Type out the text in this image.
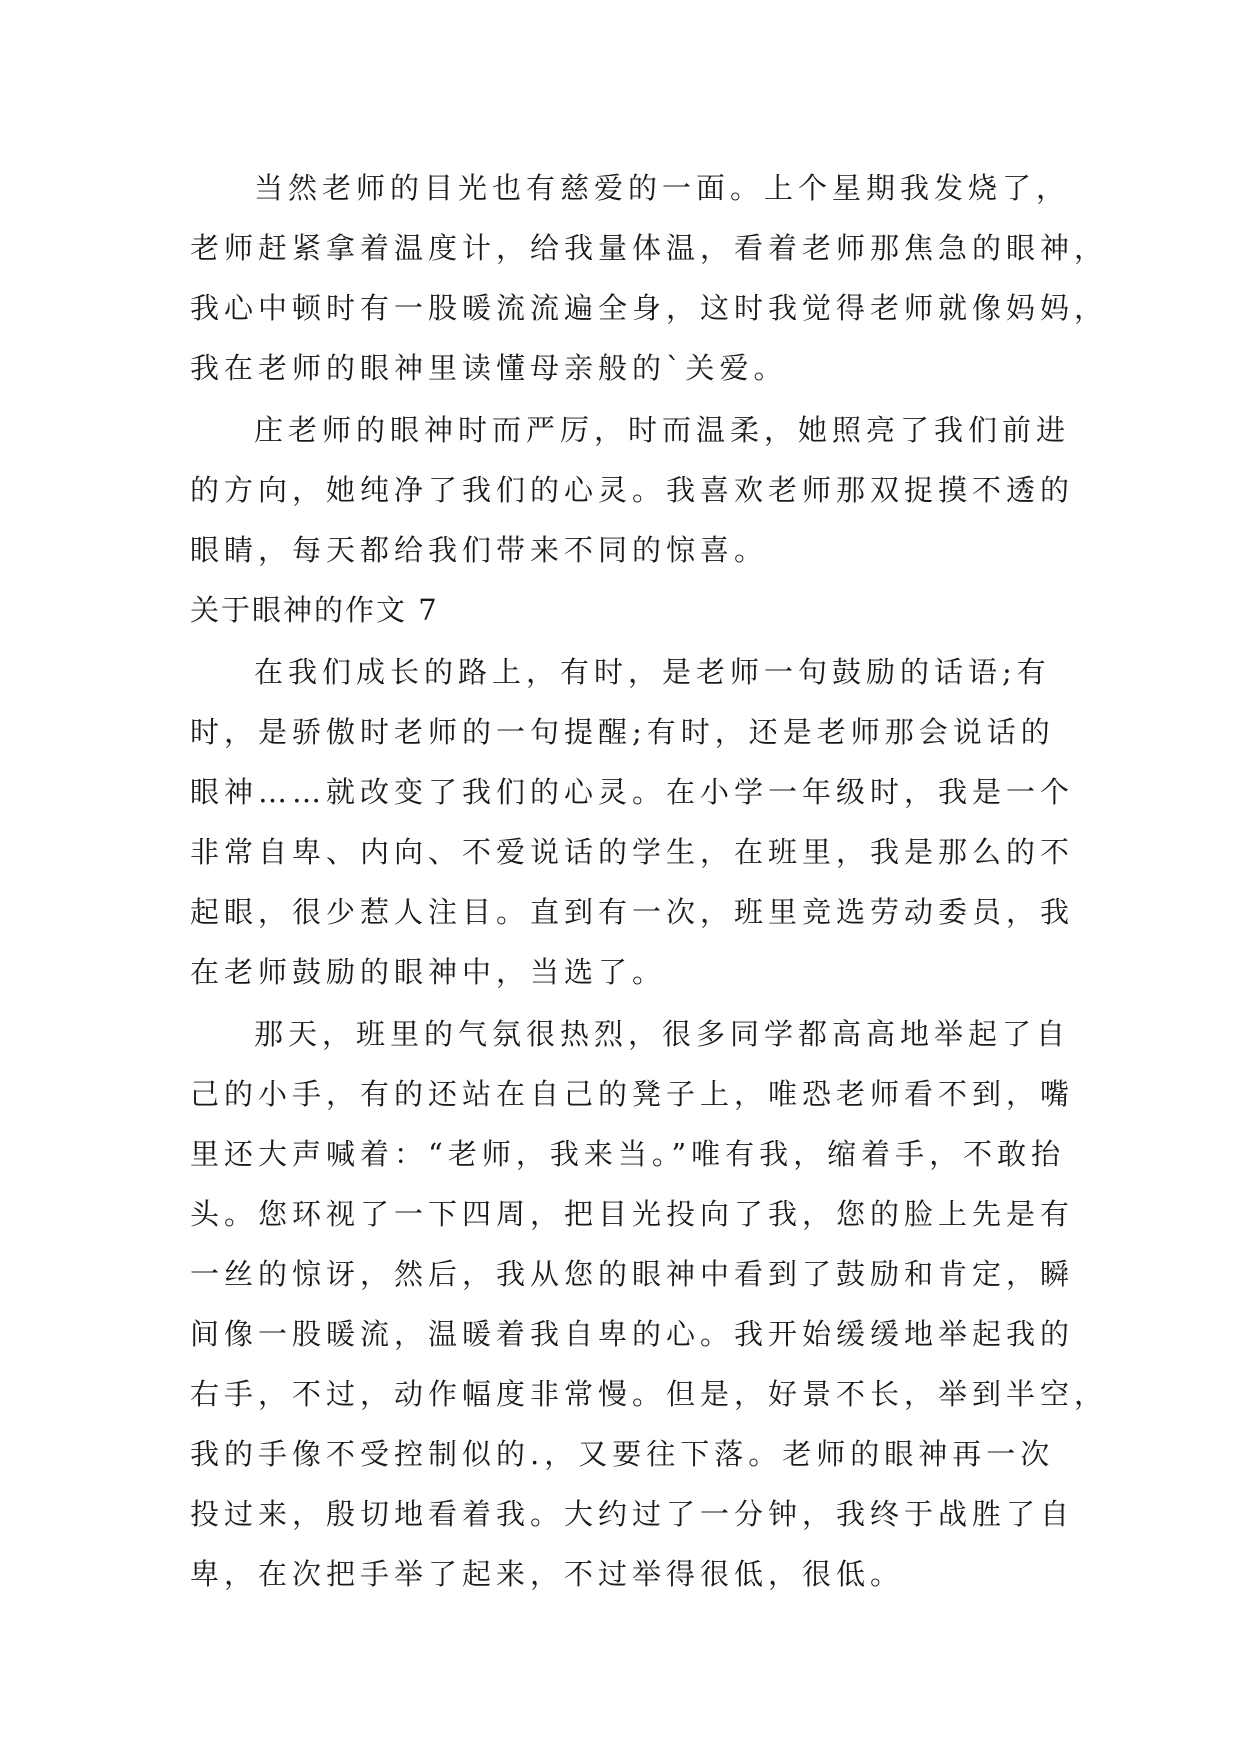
当然老师的目光也有慈爱的一面。上个星期我发烧了，
老师赶紧拿着温度计，给我量体温，看着老师那焦急的眼神，
我心中顿时有一股暖流流遍全身，这时我觉得老师就像妈妈，
我在老师的眼神里读懂母亲般的`关爱。
庄老师的眼神时而严厉，时而温柔，她照亮了我们前进
的方向，她纯净了我们的心灵。我喜欢老师那双捉摸不透的
眼睛，每天都给我们带来不同的惊喜。
关于眼神的作文 7
在我们成长的路上，有时，是老师一句鼓励的话语;有
时，是骄傲时老师的一句提醒;有时，还是老师那会说话的
眼神……就改变了我们的心灵。在小学一年级时，我是一个
非常自卑、内向、不爱说话的学生，在班里，我是那么的不
起眼，很少惹人注目。直到有一次，班里竞选劳动委员，我
在老师鼓励的眼神中，当选了。
那天，班里的气氛很热烈，很多同学都高高地举起了自
己的小手，有的还站在自己的凳子上，唯恐老师看不到，嘴
里还大声喊着：“老师，我来当。”唯有我，缩着手，不敢抬
头。您环视了一下四周，把目光投向了我，您的脸上先是有
一丝的惊讶，然后，我从您的眼神中看到了鼓励和肯定，瞬
间像一股暖流，温暖着我自卑的心。我开始缓缓地举起我的
右手，不过，动作幅度非常慢。但是，好景不长，举到半空，
我的手像不受控制似的.，又要往下落。老师的眼神再一次
投过来，殷切地看着我。大约过了一分钟，我终于战胜了自
卑，在次把手举了起来，不过举得很低，很低。
